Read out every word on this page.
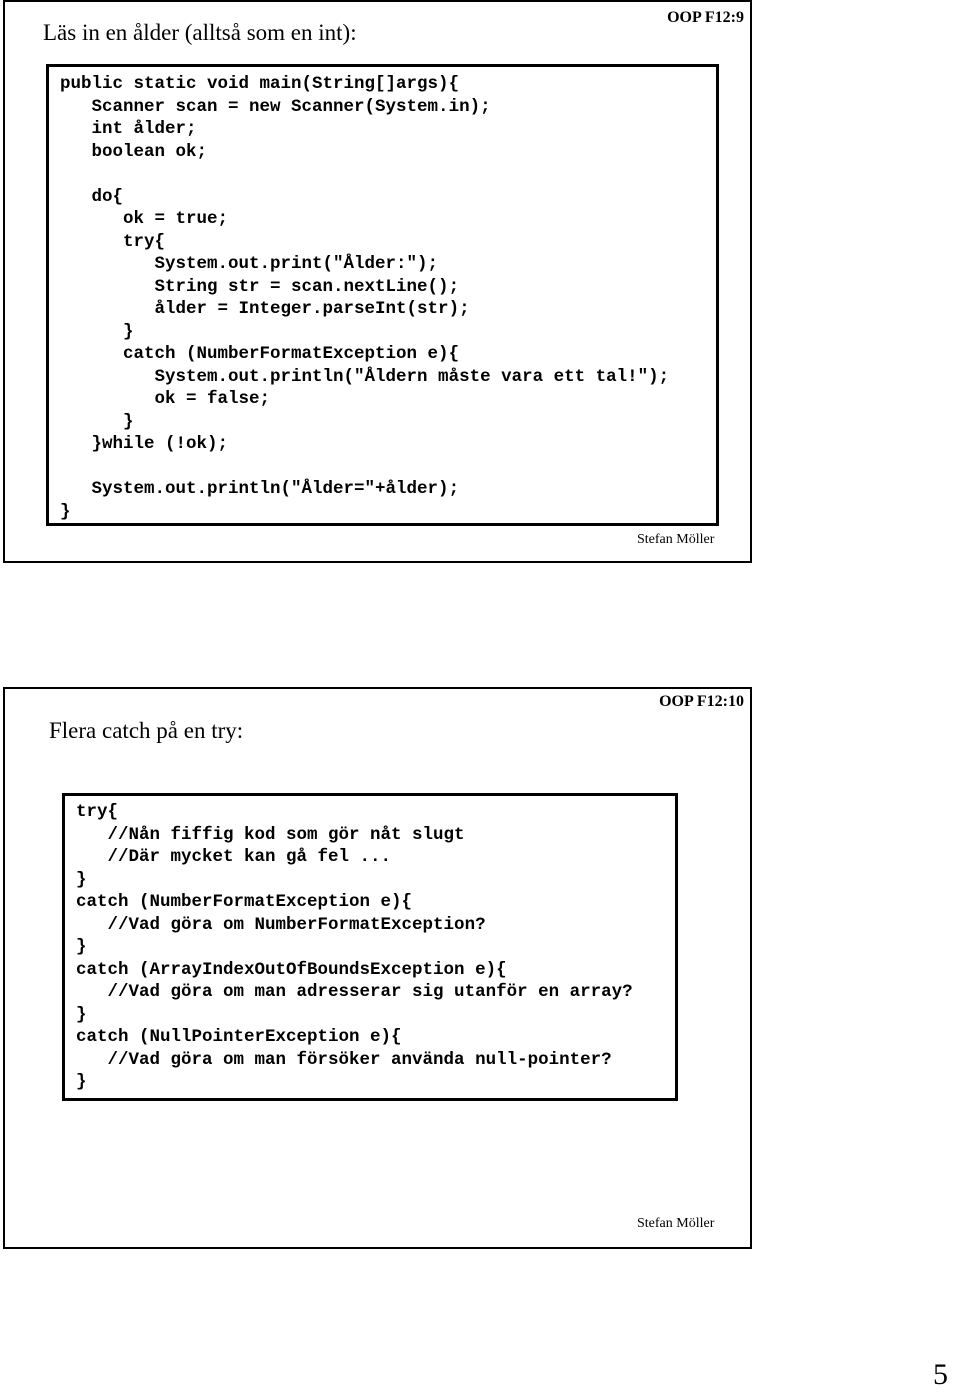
Läs in en ålder (alltså som en int):
OOP F12:9
public static void main(String[]args){
Scanner scan = new Scanner(System.in);
int ålder;
boolean ok;
do{
ok = true;
try{
System.out.print("Ålder:");
String str = scan.nextLine();
ålder = Integer.parseInt(str);
}
catch (NumberFormatException e){
System.out.println("Åldern måste vara ett tal!");
ok = false;
}
}while (!ok);
System.out.println("Ålder="+ålder);
}
Stefan Möller
Flera catch på en try:
OOP F12:10
try{
//Nån fiffig kod som gör nåt slugt
//Där mycket kan gå fel ...
}
catch (NumberFormatException e){
//Vad göra om NumberFormatException?
}
catch (ArrayIndexOutOfBoundsException e){
//Vad göra om man adresserar sig utanför en array?
}
catch (NullPointerException e){
//Vad göra om man försöker använda null-pointer?
}
Stefan Möller
5
